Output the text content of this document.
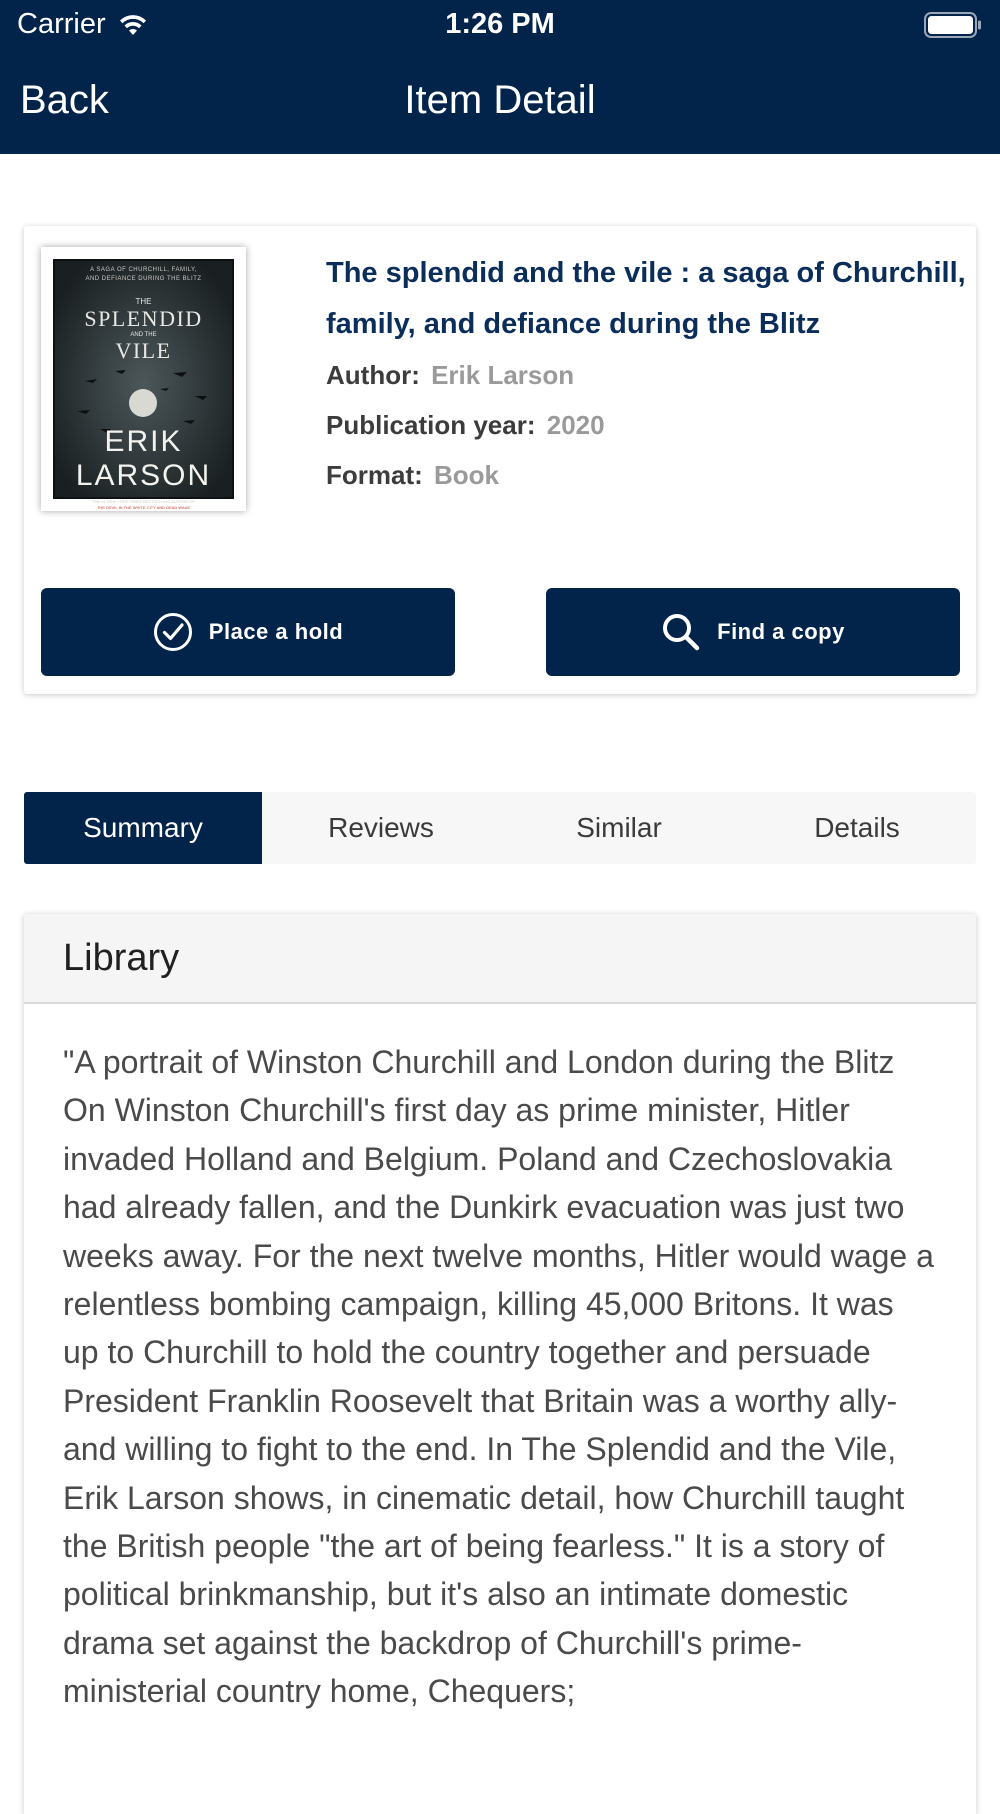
Carrier	1:26 PM
Back	Item Detail
A SAGA OF CHURCHILL, FAMILY,
AND DEFIANCE DURING THE BLITZ
THE
SPLENDID
AND THE
VILE
ERIK
LARSON
THE #1 NEW YORK TIMES BESTSELLING AUTHOR OF
THE DEVIL IN THE WHITE CITY AND DEAD WAKE
The splendid and the vile : a saga of Churchill, family, and defiance during the Blitz
Author: Erik Larson
Publication year: 2020
Format: Book
Place a hold	Find a copy
Summary	Reviews	Similar	Details
Library
"A portrait of Winston Churchill and London during the Blitz On Winston Churchill's first day as prime minister, Hitler invaded Holland and Belgium. Poland and Czechoslovakia had already fallen, and the Dunkirk evacuation was just two weeks away. For the next twelve months, Hitler would wage a relentless bombing campaign, killing 45,000 Britons. It was up to Churchill to hold the country together and persuade President Franklin Roosevelt that Britain was a worthy ally-and willing to fight to the end. In The Splendid and the Vile, Erik Larson shows, in cinematic detail, how Churchill taught the British people "the art of being fearless." It is a story of political brinkmanship, but it's also an intimate domestic drama set against the backdrop of Churchill's prime-ministerial country home, Chequers;
